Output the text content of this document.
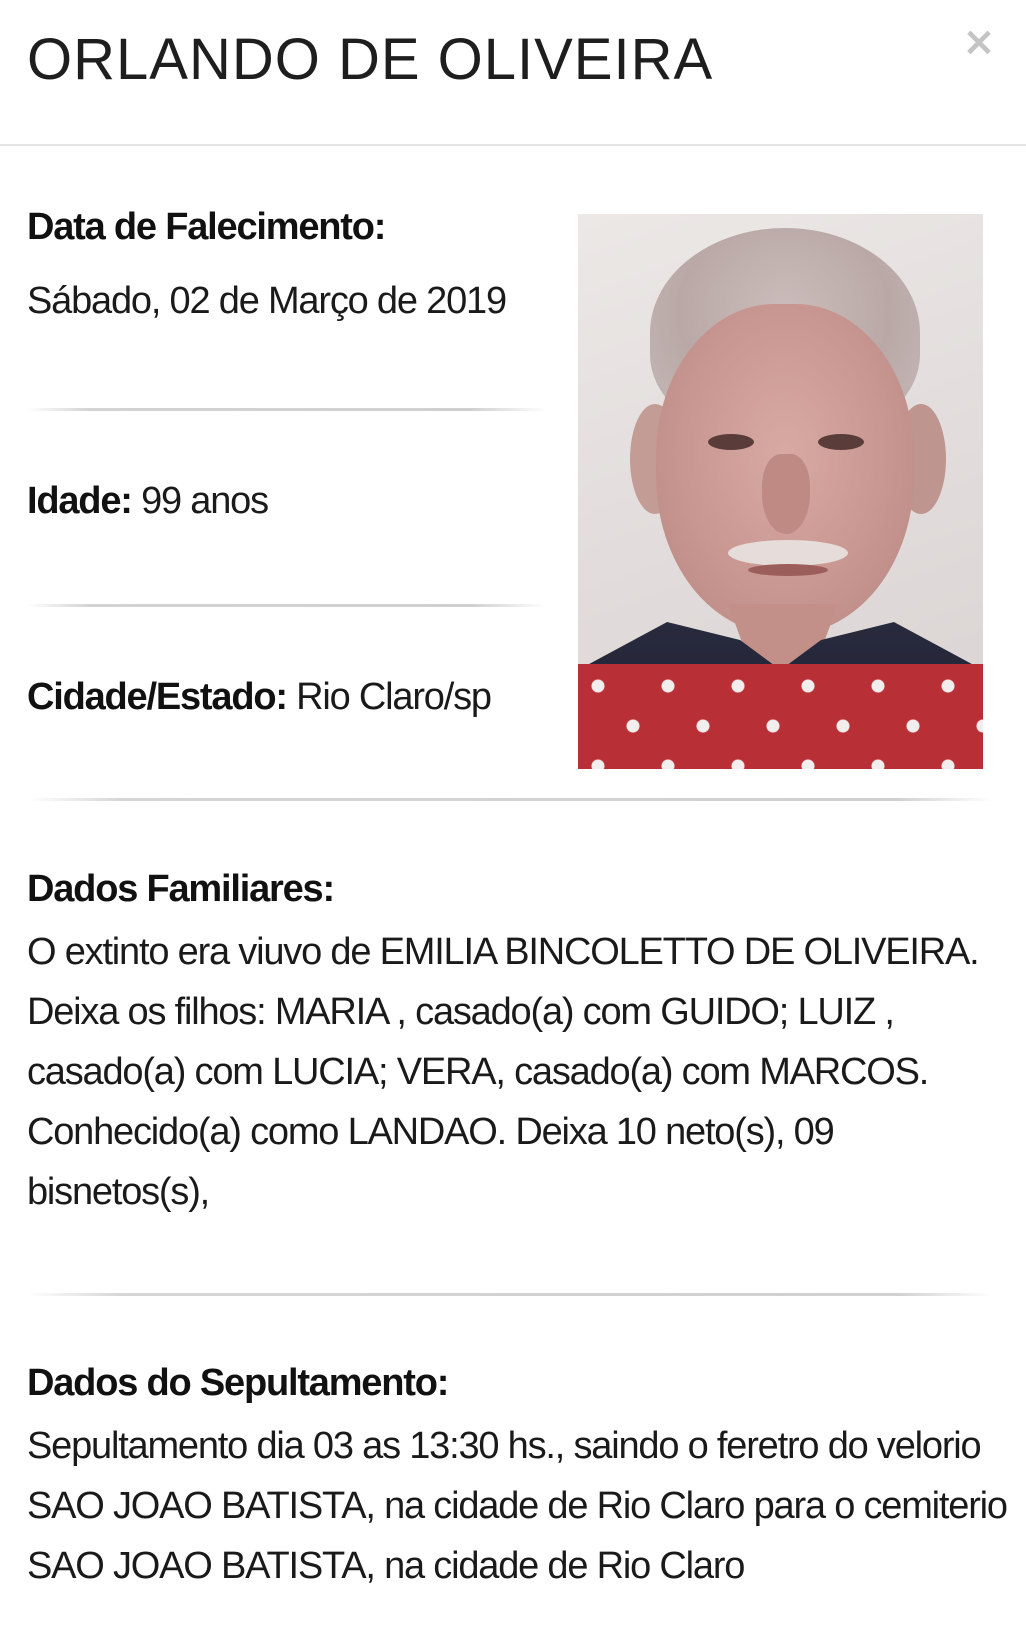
ORLANDO DE OLIVEIRA	×
Data de Falecimento:
Sábado, 02 de Março de 2019
Idade: 99 anos
Cidade/Estado: Rio Claro/sp
Dados Familiares:

O extinto era viuvo de EMILIA BINCOLETTO DE OLIVEIRA. Deixa os filhos: MARIA , casado(a) com GUIDO; LUIZ , casado(a) com LUCIA; VERA, casado(a) com MARCOS. Conhecido(a) como LANDAO. Deixa 10 neto(s), 09 bisnetos(s),

Dados do Sepultamento:

Sepultamento dia 03 as 13:30 hs., saindo o feretro do velorio SAO JOAO BATISTA, na cidade de Rio Claro para o cemiterio SAO JOAO BATISTA, na cidade de Rio Claro
